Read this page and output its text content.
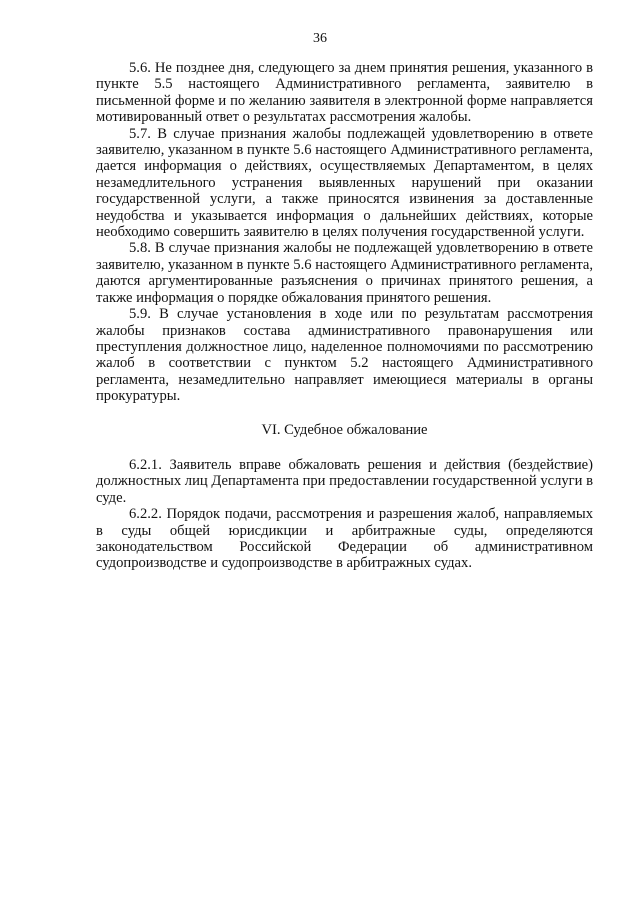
36

5.6. Не позднее дня, следующего за днем принятия решения, указанного в пункте 5.5 настоящего Административного регламента, заявителю в письменной форме и по желанию заявителя в электронной форме направляется мотивированный ответ о результатах рассмотрения жалобы.

5.7. В случае признания жалобы подлежащей удовлетворению в ответе заявителю, указанном в пункте 5.6 настоящего Административного регламента, дается информация о действиях, осуществляемых Департаментом, в целях незамедлительного устранения выявленных нарушений при оказании государственной услуги, а также приносятся извинения за доставленные неудобства и указывается информация о дальнейших действиях, которые необходимо совершить заявителю в целях получения государственной услуги.

5.8. В случае признания жалобы не подлежащей удовлетворению в ответе заявителю, указанном в пункте 5.6 настоящего Административного регламента, даются аргументированные разъяснения о причинах принятого решения, а также информация о порядке обжалования принятого решения.

5.9. В случае установления в ходе или по результатам рассмотрения жалобы признаков состава административного правонарушения или преступления должностное лицо, наделенное полномочиями по рассмотрению жалоб в соответствии с пунктом 5.2 настоящего Административного регламента, незамедлительно направляет имеющиеся материалы в органы прокуратуры.

VI. Судебное обжалование

6.2.1. Заявитель вправе обжаловать решения и действия (бездействие) должностных лиц Департамента при предоставлении государственной услуги в суде.

6.2.2. Порядок подачи, рассмотрения и разрешения жалоб, направляемых в суды общей юрисдикции и арбитражные суды, определяются законодательством Российской Федерации об административном судопроизводстве и судопроизводстве в арбитражных судах.
